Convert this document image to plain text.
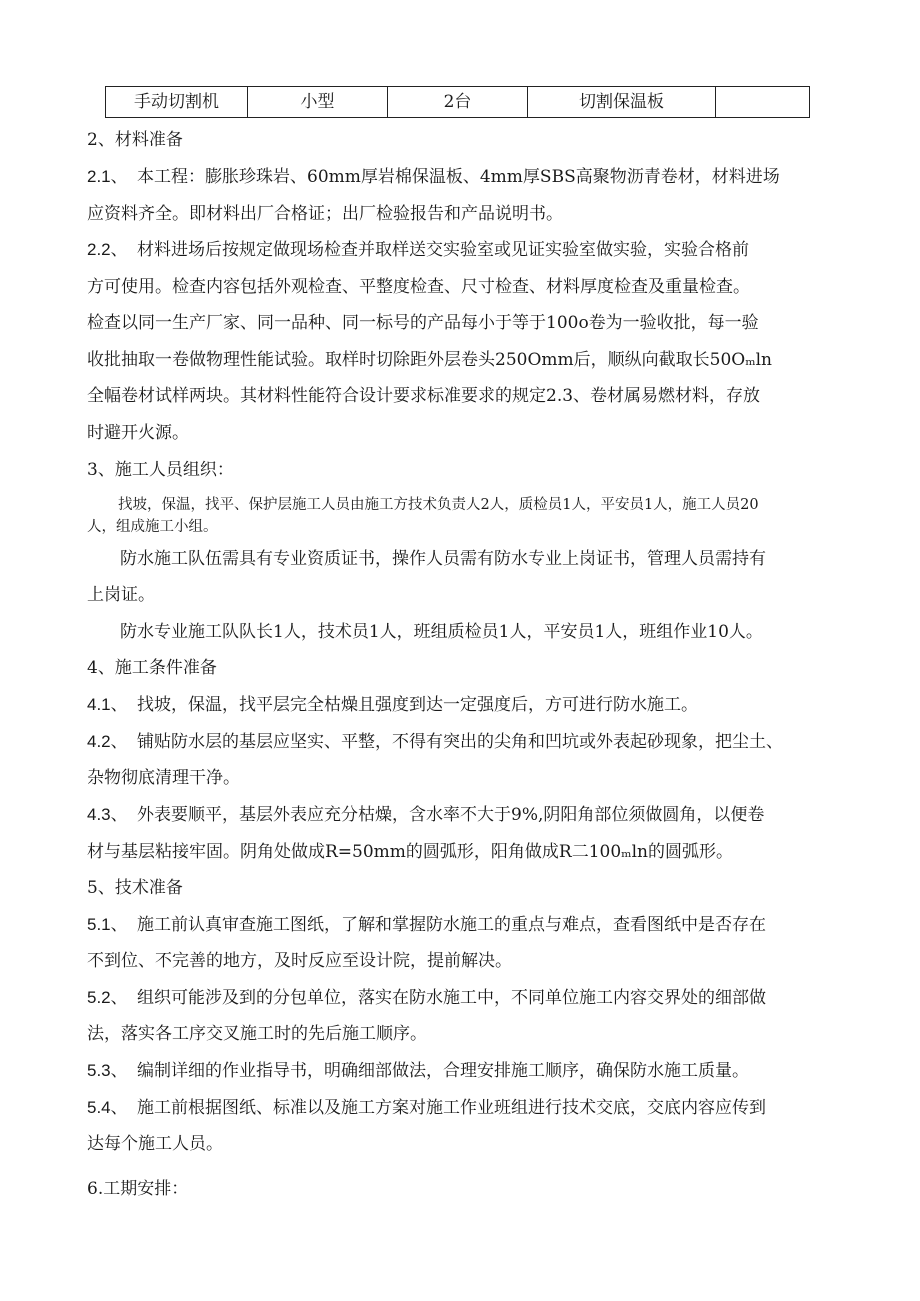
手动切割机	小型	2台	切割保温板	
2、材料准备
2.1、 本工程：膨胀珍珠岩、60mm厚岩棉保温板、4mm厚SBS高聚物沥青卷材，材料进场
应资料齐全。即材料出厂合格证；出厂检验报告和产品说明书。
2.2、 材料进场后按规定做现场检查并取样送交实验室或见证实验室做实验，实验合格前
方可使用。检查内容包括外观检查、平整度检查、尺寸检查、材料厚度检查及重量检查。
检查以同一生产厂家、同一品种、同一标号的产品每小于等于100o卷为一验收批，每一验
收批抽取一卷做物理性能试验。取样时切除距外层卷头250Omm后，顺纵向截取长50Oₘln
全幅卷材试样两块。其材料性能符合设计要求标准要求的规定2.3、卷材属易燃材料，存放
时避开火源。
3、施工人员组织：
找坡，保温，找平、保护层施工人员由施工方技术负责人2人，质检员1人，平安员1人，施工人员20
人，组成施工小组。
防水施工队伍需具有专业资质证书，操作人员需有防水专业上岗证书，管理人员需持有
上岗证。
防水专业施工队队长1人，技术员1人，班组质检员1人，平安员1人，班组作业10人。
4、施工条件准备
4.1、 找坡，保温，找平层完全枯燥且强度到达一定强度后，方可进行防水施工。
4.2、 铺贴防水层的基层应坚实、平整，不得有突出的尖角和凹坑或外表起砂现象，把尘土、
杂物彻底清理干净。
4.3、 外表要顺平，基层外表应充分枯燥，含水率不大于9%,阴阳角部位须做圆角，以便卷
材与基层粘接牢固。阴角处做成R=50mm的圆弧形，阳角做成R二100ₘln的圆弧形。
5、技术准备
5.1、 施工前认真审查施工图纸，了解和掌握防水施工的重点与难点，查看图纸中是否存在
不到位、不完善的地方，及时反应至设计院，提前解决。
5.2、 组织可能涉及到的分包单位，落实在防水施工中，不同单位施工内容交界处的细部做
法，落实各工序交叉施工时的先后施工顺序。
5.3、 编制详细的作业指导书，明确细部做法，合理安排施工顺序，确保防水施工质量。
5.4、 施工前根据图纸、标准以及施工方案对施工作业班组进行技术交底，交底内容应传到
达每个施工人员。
6.工期安排：
